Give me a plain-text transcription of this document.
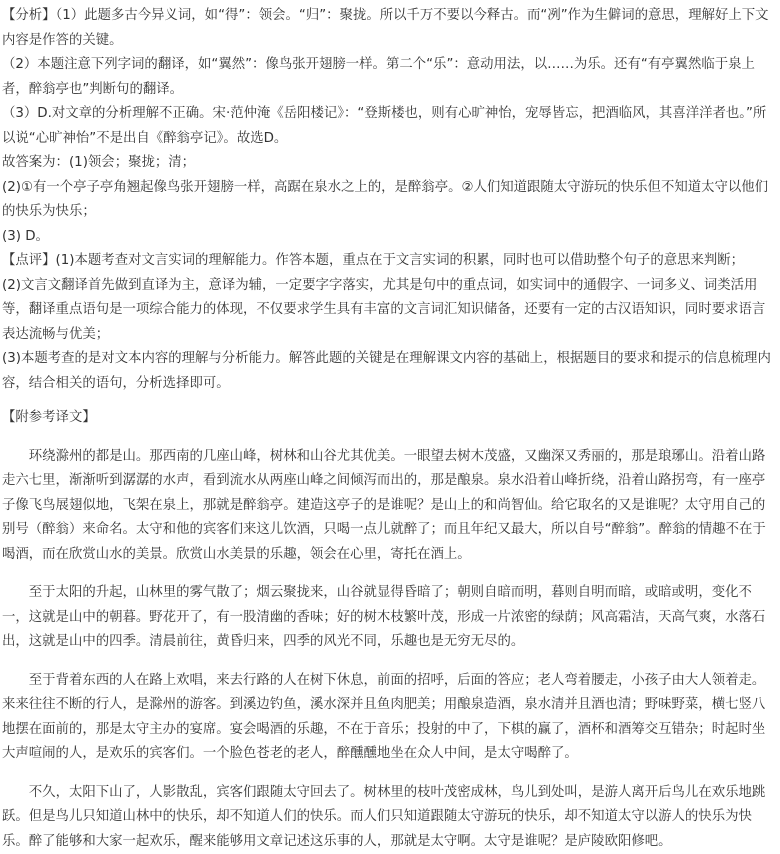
【分析】（1）此题多古今异义词，如“得”：领会。“归”：聚拢。所以千万不要以今释古。而“冽”作为生僻词的意思，理解好上下文内容是作答的关键。

（2）本题注意下列字词的翻译，如“翼然”：像鸟张开翅膀一样。第二个“乐”：意动用法，以……为乐。还有“有亭翼然临于泉上者，醉翁亭也”判断句的翻译。

（3）D.对文章的分析理解不正确。宋·范仲淹《岳阳楼记》：“登斯楼也，则有心旷神怡，宠辱皆忘，把酒临风，其喜洋洋者也。”所以说“心旷神怡”不是出自《醉翁亭记》。故选D。

故答案为：(1)领会；聚拢；清；

(2)①有一个亭子亭角翘起像鸟张开翅膀一样，高踞在泉水之上的，是醉翁亭。②人们知道跟随太守游玩的快乐但不知道太守以他们的快乐为快乐；

(3) D。

【点评】(1)本题考查对文言实词的理解能力。作答本题，重点在于文言实词的积累，同时也可以借助整个句子的意思来判断；

(2)文言文翻译首先做到直译为主，意译为辅，一定要字字落实，尤其是句中的重点词，如实词中的通假字、一词多义、词类活用等，翻译重点语句是一项综合能力的体现，不仅要求学生具有丰富的文言词汇知识储备，还要有一定的古汉语知识，同时要求语言表达流畅与优美；

(3)本题考查的是对文本内容的理解与分析能力。解答此题的关键是在理解课文内容的基础上，根据题目的要求和提示的信息梳理内容，结合相关的语句，分析选择即可。

【附参考译文】

环绕滁州的都是山。那西南的几座山峰，树林和山谷尤其优美。一眼望去树木茂盛，又幽深又秀丽的，那是琅琊山。沿着山路走六七里，渐渐听到潺潺的水声，看到流水从两座山峰之间倾泻而出的，那是酿泉。泉水沿着山峰折绕，沿着山路拐弯，有一座亭子像飞鸟展翅似地，飞架在泉上，那就是醉翁亭。建造这亭子的是谁呢？是山上的和尚智仙。给它取名的又是谁呢？太守用自己的别号（醉翁）来命名。太守和他的宾客们来这儿饮酒，只喝一点儿就醉了；而且年纪又最大，所以自号“醉翁”。醉翁的情趣不在于喝酒，而在欣赏山水的美景。欣赏山水美景的乐趣，领会在心里，寄托在酒上。

至于太阳的升起，山林里的雾气散了；烟云聚拢来，山谷就显得昏暗了；朝则自暗而明，暮则自明而暗，或暗或明，变化不一，这就是山中的朝暮。野花开了，有一股清幽的香味；好的树木枝繁叶茂，形成一片浓密的绿荫；风高霜洁，天高气爽，水落石出，这就是山中的四季。清晨前往，黄昏归来，四季的风光不同，乐趣也是无穷无尽的。

至于背着东西的人在路上欢唱，来去行路的人在树下休息，前面的招呼，后面的答应；老人弯着腰走，小孩子由大人领着走。来来往往不断的行人，是滁州的游客。到溪边钓鱼，溪水深并且鱼肉肥美；用酿泉造酒，泉水清并且酒也清；野味野菜，横七竖八地摆在面前的，那是太守主办的宴席。宴会喝酒的乐趣，不在于音乐；投射的中了，下棋的赢了，酒杯和酒筹交互错杂；时起时坐大声喧闹的人，是欢乐的宾客们。一个脸色苍老的老人，醉醺醺地坐在众人中间，是太守喝醉了。

不久，太阳下山了，人影散乱，宾客们跟随太守回去了。树林里的枝叶茂密成林，鸟儿到处叫，是游人离开后鸟儿在欢乐地跳跃。但是鸟儿只知道山林中的快乐，却不知道人们的快乐。而人们只知道跟随太守游玩的快乐，却不知道太守以游人的快乐为快乐。醉了能够和大家一起欢乐，醒来能够用文章记述这乐事的人，那就是太守啊。太守是谁呢？是庐陵欧阳修吧。
